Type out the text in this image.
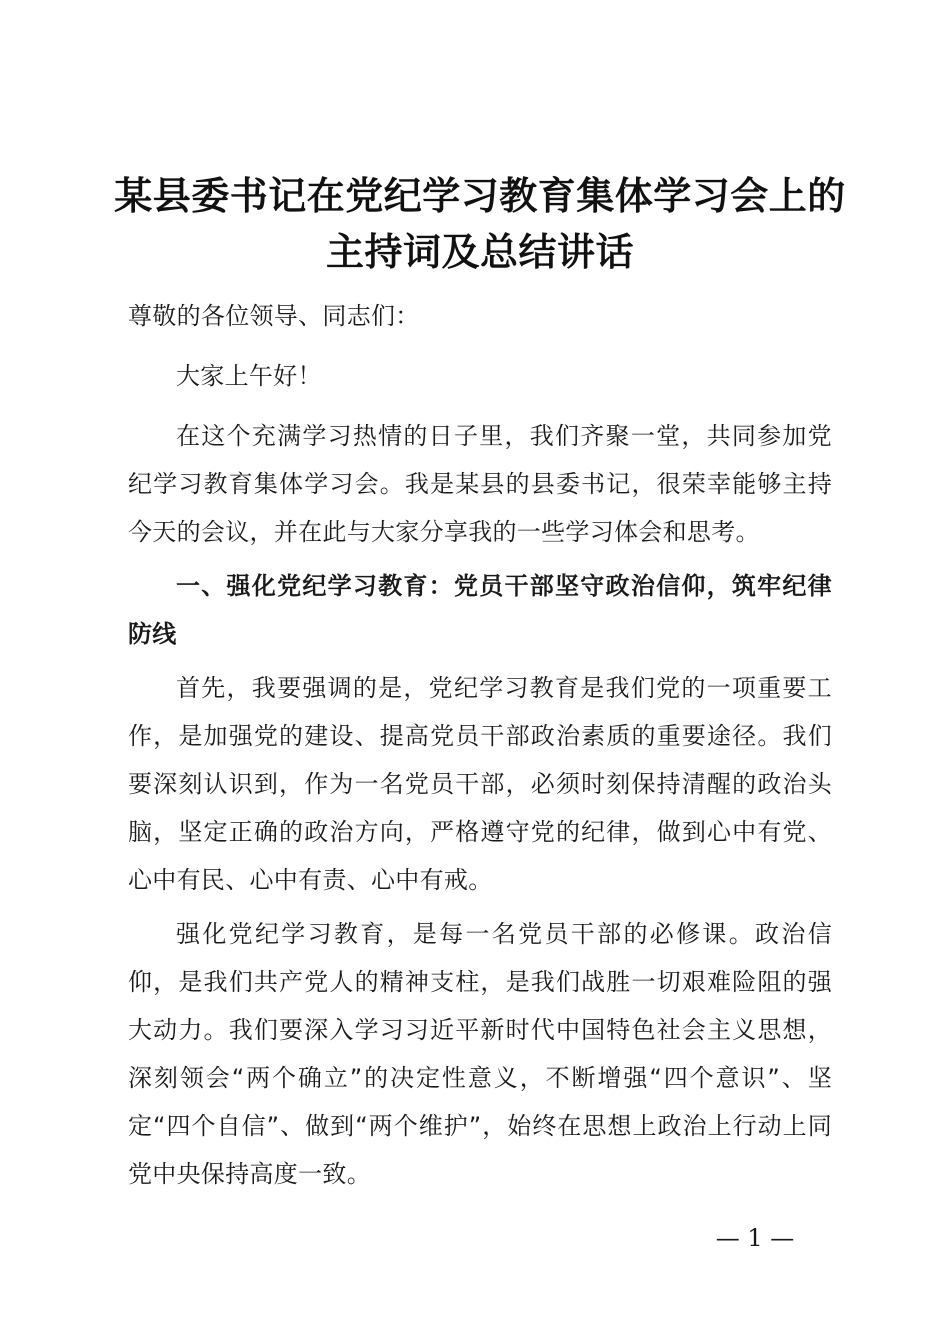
某县委书记在党纪学习教育集体学习会上的主持词及总结讲话

尊敬的各位领导、同志们：

大家上午好！

在这个充满学习热情的日子里，我们齐聚一堂，共同参加党纪学习教育集体学习会。我是某县的县委书记，很荣幸能够主持今天的会议，并在此与大家分享我的一些学习体会和思考。

一、强化党纪学习教育：党员干部坚守政治信仰，筑牢纪律防线

首先，我要强调的是，党纪学习教育是我们党的一项重要工作，是加强党的建设、提高党员干部政治素质的重要途径。我们要深刻认识到，作为一名党员干部，必须时刻保持清醒的政治头脑，坚定正确的政治方向，严格遵守党的纪律，做到心中有党、心中有民、心中有责、心中有戒。

强化党纪学习教育，是每一名党员干部的必修课。政治信仰，是我们共产党人的精神支柱，是我们战胜一切艰难险阻的强大动力。我们要深入学习习近平新时代中国特色社会主义思想，深刻领会“两个确立”的决定性意义，不断增强“四个意识”、坚定“四个自信”、做到“两个维护”，始终在思想上政治上行动上同党中央保持高度一致。

— 1 —
